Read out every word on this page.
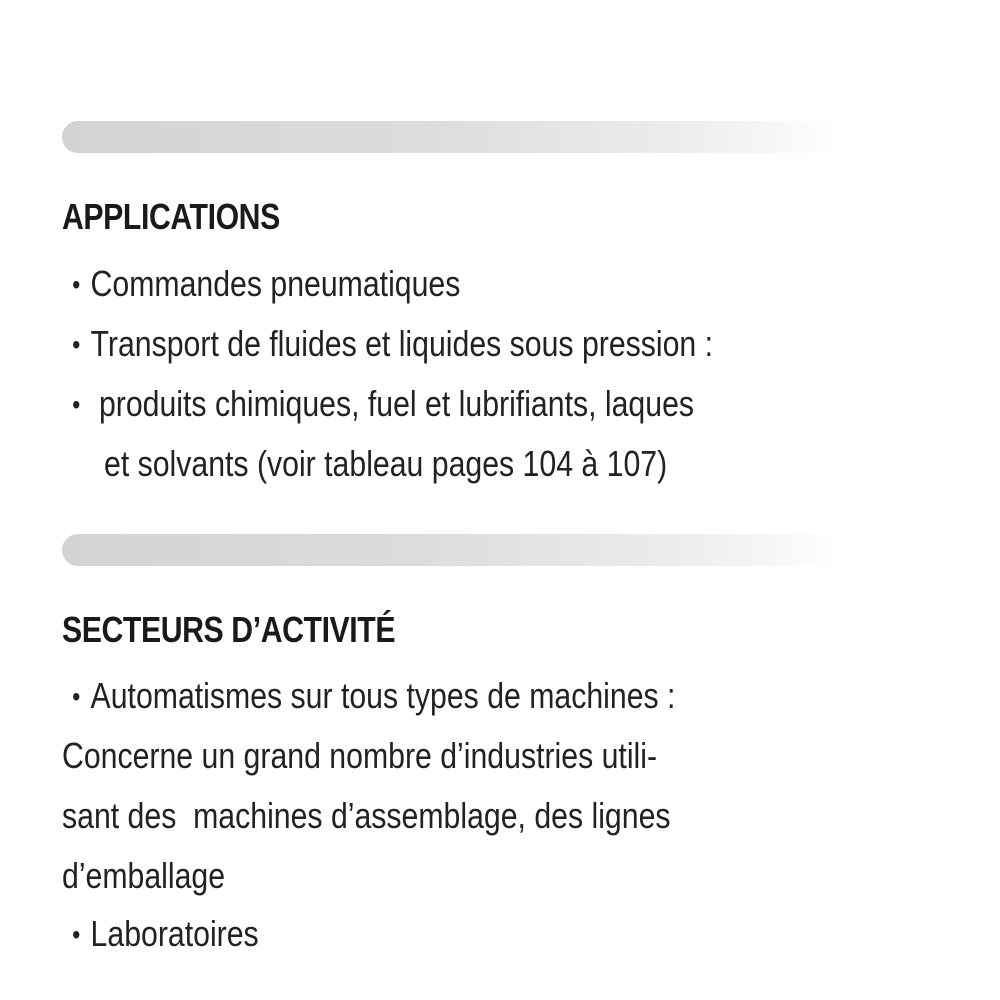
APPLICATIONS
• Commandes pneumatiques
• Transport de fluides et liquides sous pression :
• produits chimiques, fuel et lubrifiants, laques
et solvants (voir tableau pages 104 à 107)
SECTEURS D’ACTIVITÉ
• Automatismes sur tous types de machines :
Concerne un grand nombre d’industries utili-
sant des  machines d’assemblage, des lignes
d’emballage
• Laboratoires
